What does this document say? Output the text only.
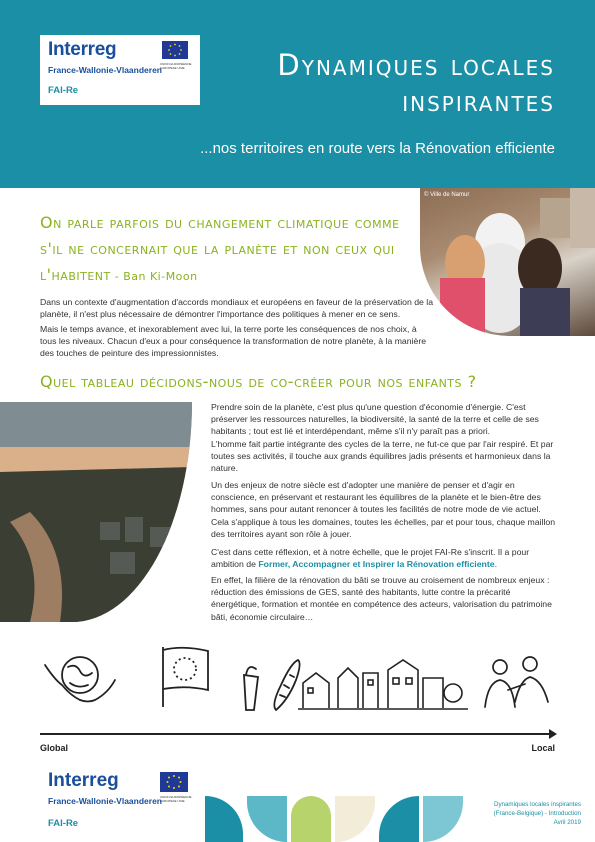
Interreg
UNION EUROPÉENNE EUROPESE UNIE
France-Wallonie-Vlaanderen
FAI-Re
Dynamiques locales
inspirantes
...nos territoires en route vers la Rénovation efficiente
© Ville de Namur
On parle parfois du changement climatique comme s'il ne concernait que la planète et non ceux qui l'habitent - Ban Ki-Moon

Dans un contexte d'augmentation d'accords mondiaux et européens en faveur de la préservation de la planète, il n'est plus nécessaire de démontrer l'importance des politiques à mener en ce sens.

Mais le temps avance, et inexorablement avec lui, la terre porte les conséquences de nos choix, à tous les niveaux. Chacun d'eux a pour conséquence la transformation de notre planète, à la manière des touches de peinture des impressionnistes.

Quel tableau décidons-nous de co-créer pour nos enfants ?
© Isabelle Skelton

Prendre soin de la planète, c'est plus qu'une question d'économie d'énergie. C'est préserver les ressources naturelles, la biodiversité, la santé de la terre et celle de ses habitants ; tout est lié et interdépendant, même s'il n'y paraît pas a priori.

L'homme fait partie intégrante des cycles de la terre, ne fut-ce que par l'air respiré. Et par toutes ses activités, il touche aux grands équilibres jadis présents et harmonieux dans la nature.

Un des enjeux de notre siècle est d'adopter une manière de penser et d'agir en conscience, en préservant et restaurant les équilibres de la planète et le bien-être des hommes, sans pour autant renoncer à toutes les facilités de notre mode de vie actuel. Cela s'applique à tous les domaines, toutes les échelles, par et pour tous, chaque maillon des territoires ayant son rôle à jouer.

C'est dans cette réflexion, et à notre échelle, que le projet FAI-Re s'inscrit. Il a pour ambition de Former, Accompagner et Inspirer la Rénovation efficiente.

En effet, la filière de la rénovation du bâti se trouve au croisement de nombreux enjeux : réduction des émissions de GES, santé des habitants, lutte contre la précarité énergétique, formation et montée en compétence des acteurs, valorisation du patrimoine bâti, économie circulaire…

Global	Local
Interreg
UNION EUROPÉENNE EUROPESE UNIE
France-Wallonie-Vlaanderen
FAI-Re
Dynamiques locales inspirantes
(France-Belgique) - Introduction
Avril 2019
